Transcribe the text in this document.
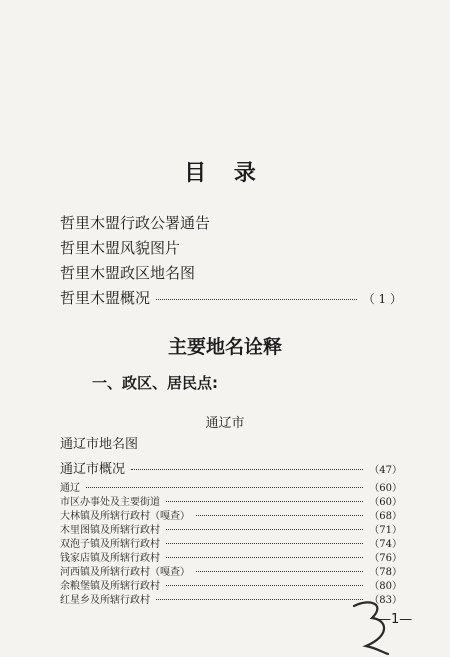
目 录
哲里木盟行政公署通告
哲里木盟风貌图片
哲里木盟政区地名图
哲里木盟概况	（ 1 ）
主要地名诠释
一、政区、居民点:
通辽市
通辽市地名图
通辽市概况	（47）
通辽	（60）
市区办事处及主要街道	（60）
大林镇及所辖行政村（嘎查）	（68）
木里图镇及所辖行政村	（71）
双泡子镇及所辖行政村	（74）
钱家店镇及所辖行政村	（76）
河西镇及所辖行政村（嘎查）	（78）
余粮堡镇及所辖行政村	（80）
红星乡及所辖行政村	（83）
—1—
